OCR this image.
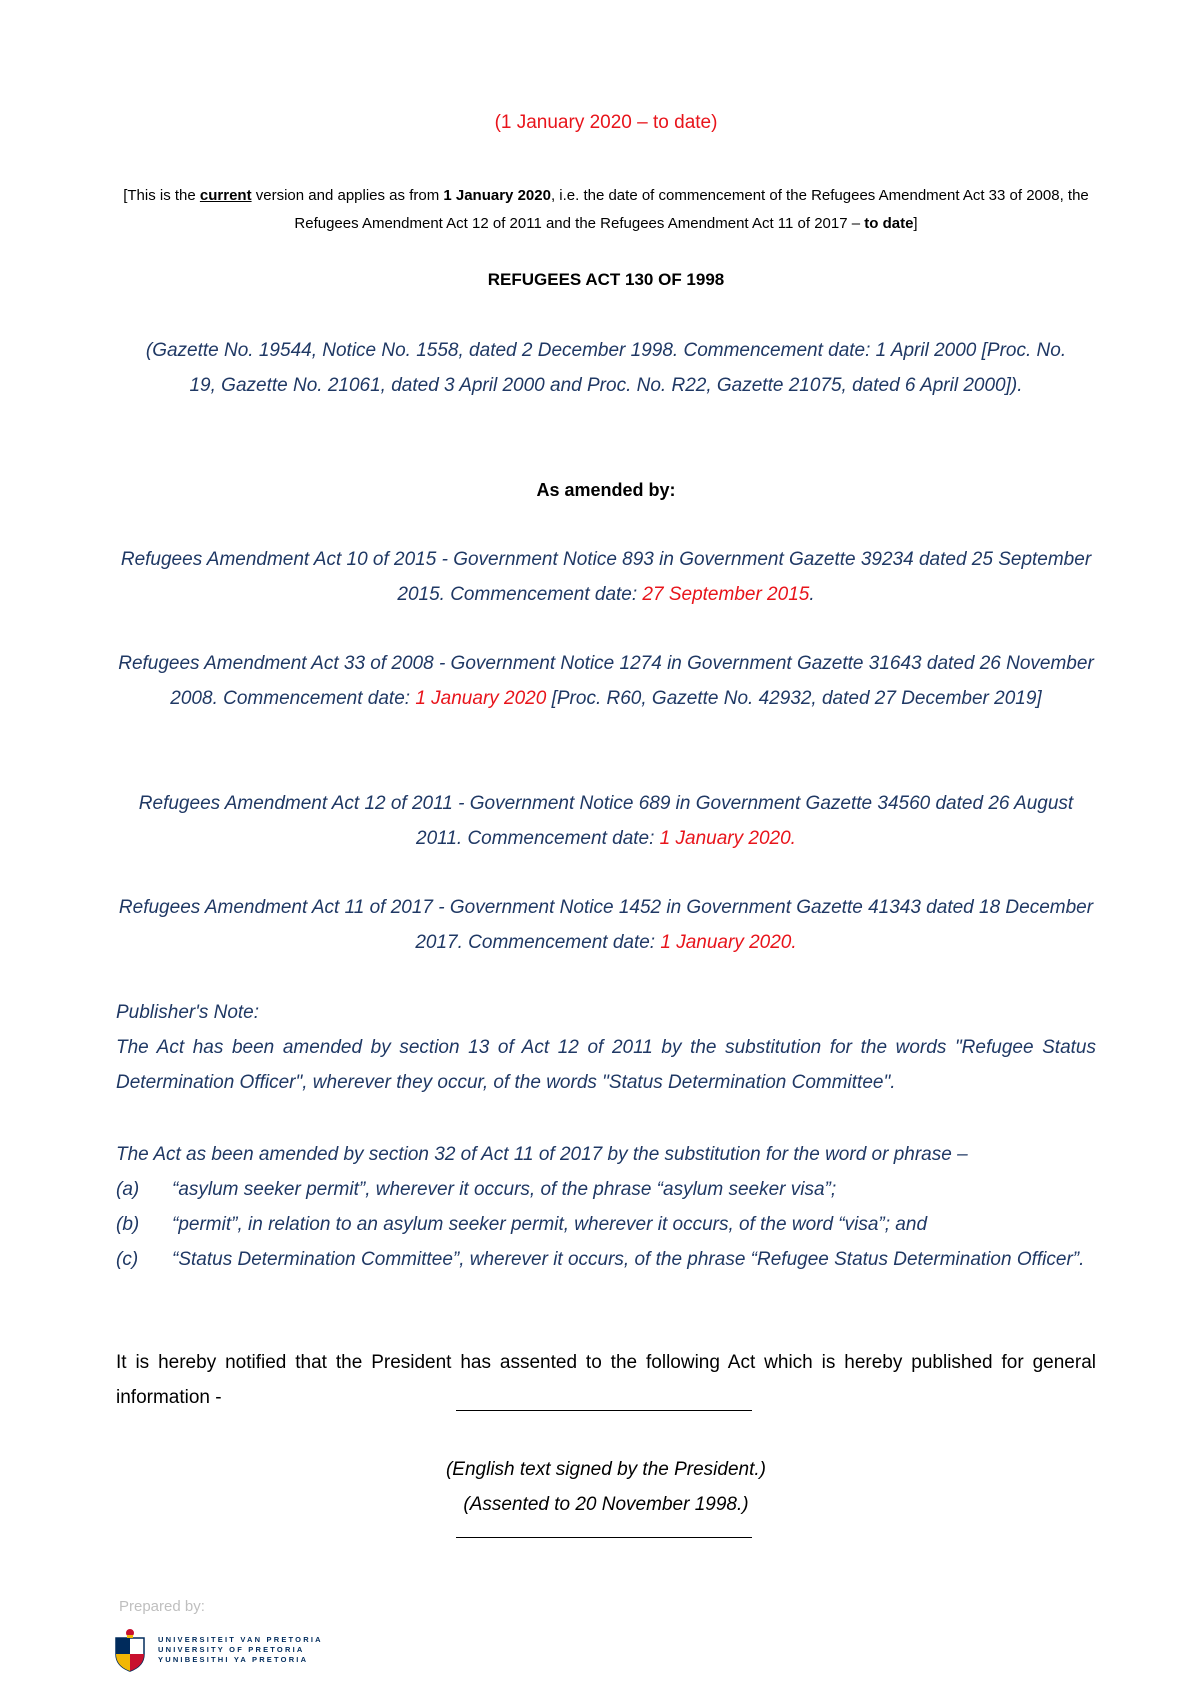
(1 January 2020 – to date)
[This is the current version and applies as from 1 January 2020, i.e. the date of commencement of the Refugees Amendment Act 33 of 2008, the Refugees Amendment Act 12 of 2011 and the Refugees Amendment Act 11 of 2017 – to date]
REFUGEES ACT 130 OF 1998
(Gazette No. 19544, Notice No. 1558, dated 2 December 1998. Commencement date: 1 April 2000 [Proc. No. 19, Gazette No. 21061, dated 3 April 2000 and Proc. No. R22, Gazette 21075, dated 6 April 2000]).
As amended by:
Refugees Amendment Act 10 of 2015 - Government Notice 893 in Government Gazette 39234 dated 25 September 2015. Commencement date: 27 September 2015.
Refugees Amendment Act 33 of 2008 - Government Notice 1274 in Government Gazette 31643 dated 26 November 2008. Commencement date: 1 January 2020 [Proc. R60, Gazette No. 42932, dated 27 December 2019]
Refugees Amendment Act 12 of 2011 - Government Notice 689 in Government Gazette 34560 dated 26 August 2011. Commencement date: 1 January 2020.
Refugees Amendment Act 11 of 2017 - Government Notice 1452 in Government Gazette 41343 dated 18 December 2017. Commencement date: 1 January 2020.
Publisher's Note:
The Act has been amended by section 13 of Act 12 of 2011 by the substitution for the words "Refugee Status Determination Officer", wherever they occur, of the words "Status Determination Committee".
The Act as been amended by section 32 of Act 11 of 2017 by the substitution for the word or phrase –
(a)	“asylum seeker permit”, wherever it occurs, of the phrase “asylum seeker visa”;
(b)	“permit”, in relation to an asylum seeker permit, wherever it occurs, of the word “visa”; and
(c)	“Status Determination Committee”, wherever it occurs, of the phrase “Refugee Status Determination Officer”.
It is hereby notified that the President has assented to the following Act which is hereby published for general information -
(English text signed by the President.)
(Assented to 20 November 1998.)
Prepared by:
UNIVERSITEIT VAN PRETORIA
UNIVERSITY OF PRETORIA
YUNIBESITHI YA PRETORIA
